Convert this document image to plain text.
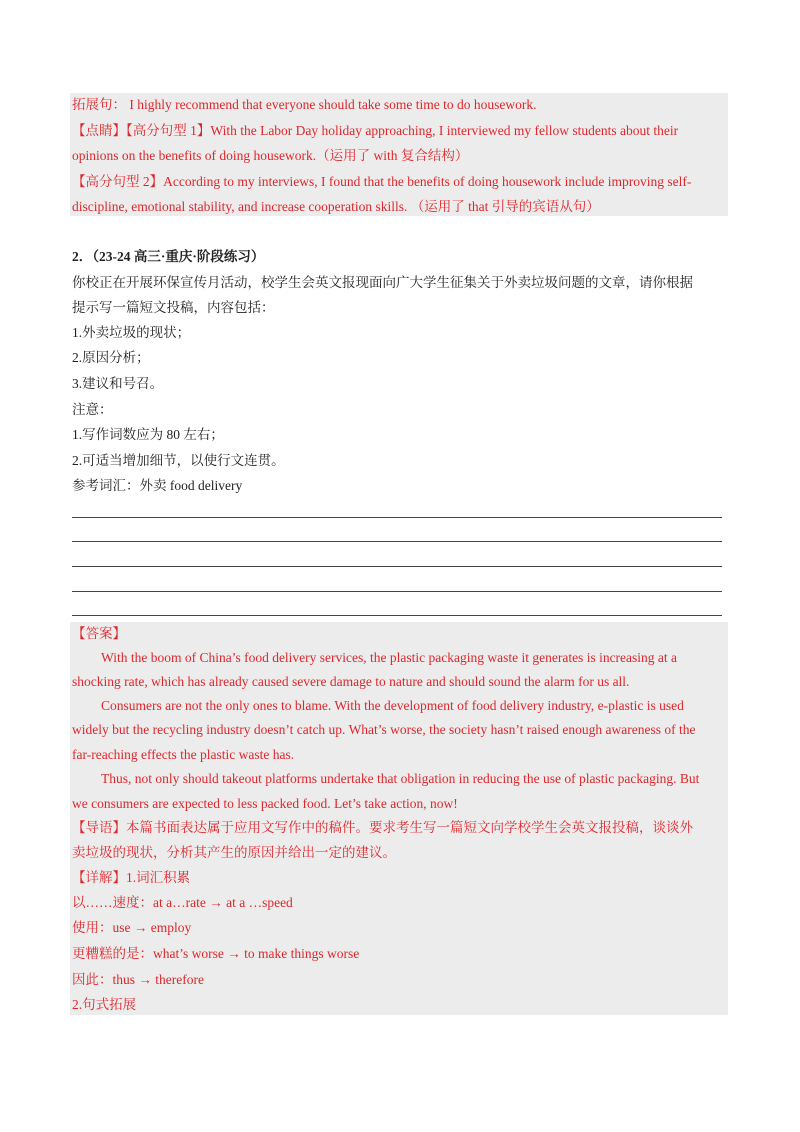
拓展句： I highly recommend that everyone should take some time to do housework.
【点睛】【高分句型 1】With the Labor Day holiday approaching, I interviewed my fellow students about their
opinions on the benefits of doing housework.（运用了 with 复合结构）
【高分句型 2】According to my interviews, I found that the benefits of doing housework include improving self-
discipline, emotional stability, and increase cooperation skills. （运用了 that 引导的宾语从句）
2．（23-24 高三·重庆·阶段练习）
你校正在开展环保宣传月活动，校学生会英文报现面向广大学生征集关于外卖垃圾问题的文章，请你根据
提示写一篇短文投稿，内容包括：
1.外卖垃圾的现状；
2.原因分析；
3.建议和号召。
注意：
1.写作词数应为 80 左右；
2.可适当增加细节，以使行文连贯。
参考词汇：外卖 food delivery
【答案】
With the boom of China’s food delivery services, the plastic packaging waste it generates is increasing at a
shocking rate, which has already caused severe damage to nature and should sound the alarm for us all.
Consumers are not the only ones to blame. With the development of food delivery industry, e-plastic is used
widely but the recycling industry doesn’t catch up. What’s worse, the society hasn’t raised enough awareness of the
far-reaching effects the plastic waste has.
Thus, not only should takeout platforms undertake that obligation in reducing the use of plastic packaging. But
we consumers are expected to less packed food. Let’s take action, now!
【导语】本篇书面表达属于应用文写作中的稿件。要求考生写一篇短文向学校学生会英文报投稿，谈谈外
卖垃圾的现状，分析其产生的原因并给出一定的建议。
【详解】1.词汇积累
以……速度：at a…rate → at a …speed
使用：use → employ
更糟糕的是：what’s worse → to make things worse
因此：thus → therefore
2.句式拓展
